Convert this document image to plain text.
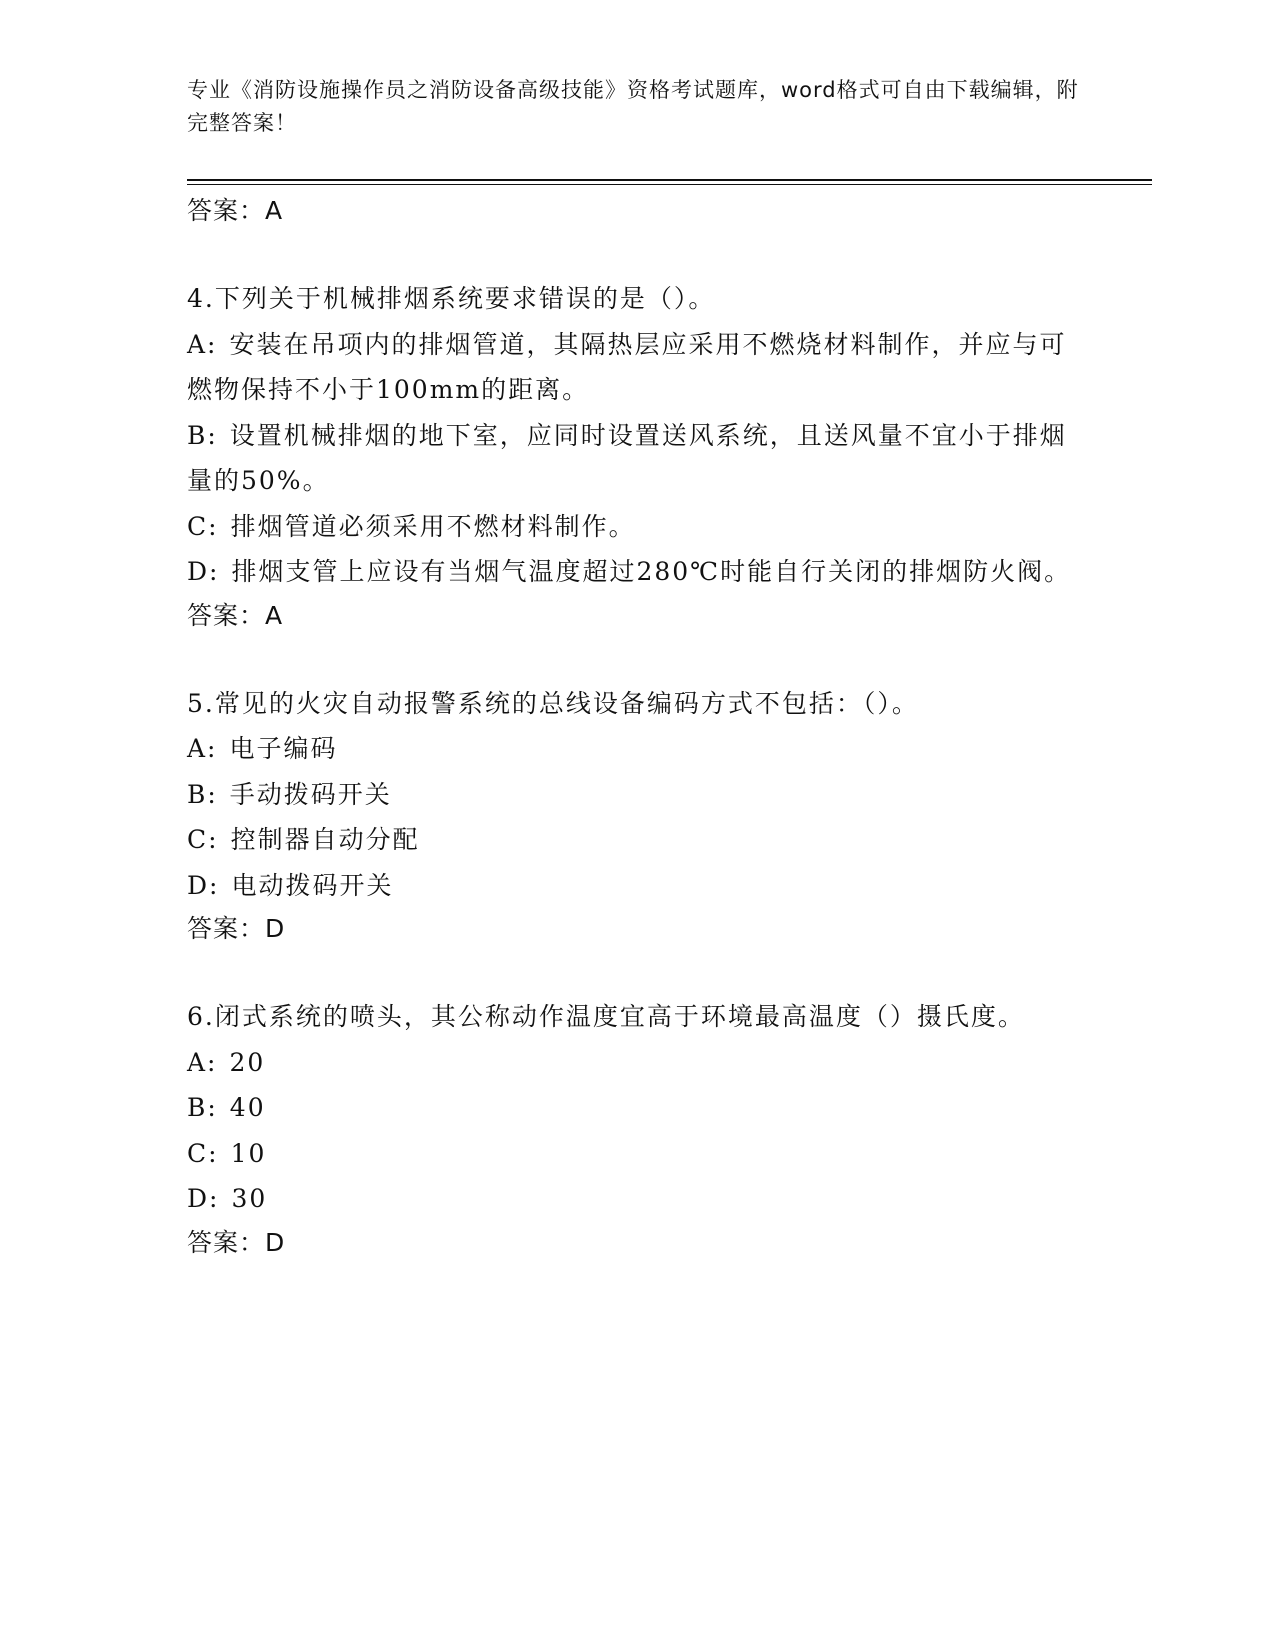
专业《消防设施操作员之消防设备高级技能》资格考试题库，word格式可自由下载编辑，附完整答案！

答案：A

4.下列关于机械排烟系统要求错误的是（）。

A: 安装在吊项内的排烟管道，其隔热层应采用不燃烧材料制作，并应与可燃物保持不小于100mm的距离。

B: 设置机械排烟的地下室，应同时设置送风系统，且送风量不宜小于排烟量的50%。

C: 排烟管道必须采用不燃材料制作。

D: 排烟支管上应设有当烟气温度超过280℃时能自行关闭的排烟防火阀。

答案：A

5.常见的火灾自动报警系统的总线设备编码方式不包括：（）。

A: 电子编码

B: 手动拨码开关

C: 控制器自动分配

D: 电动拨码开关

答案：D

6.闭式系统的喷头，其公称动作温度宜高于环境最高温度（）摄氏度。

A: 20

B: 40

C: 10

D: 30

答案：D
